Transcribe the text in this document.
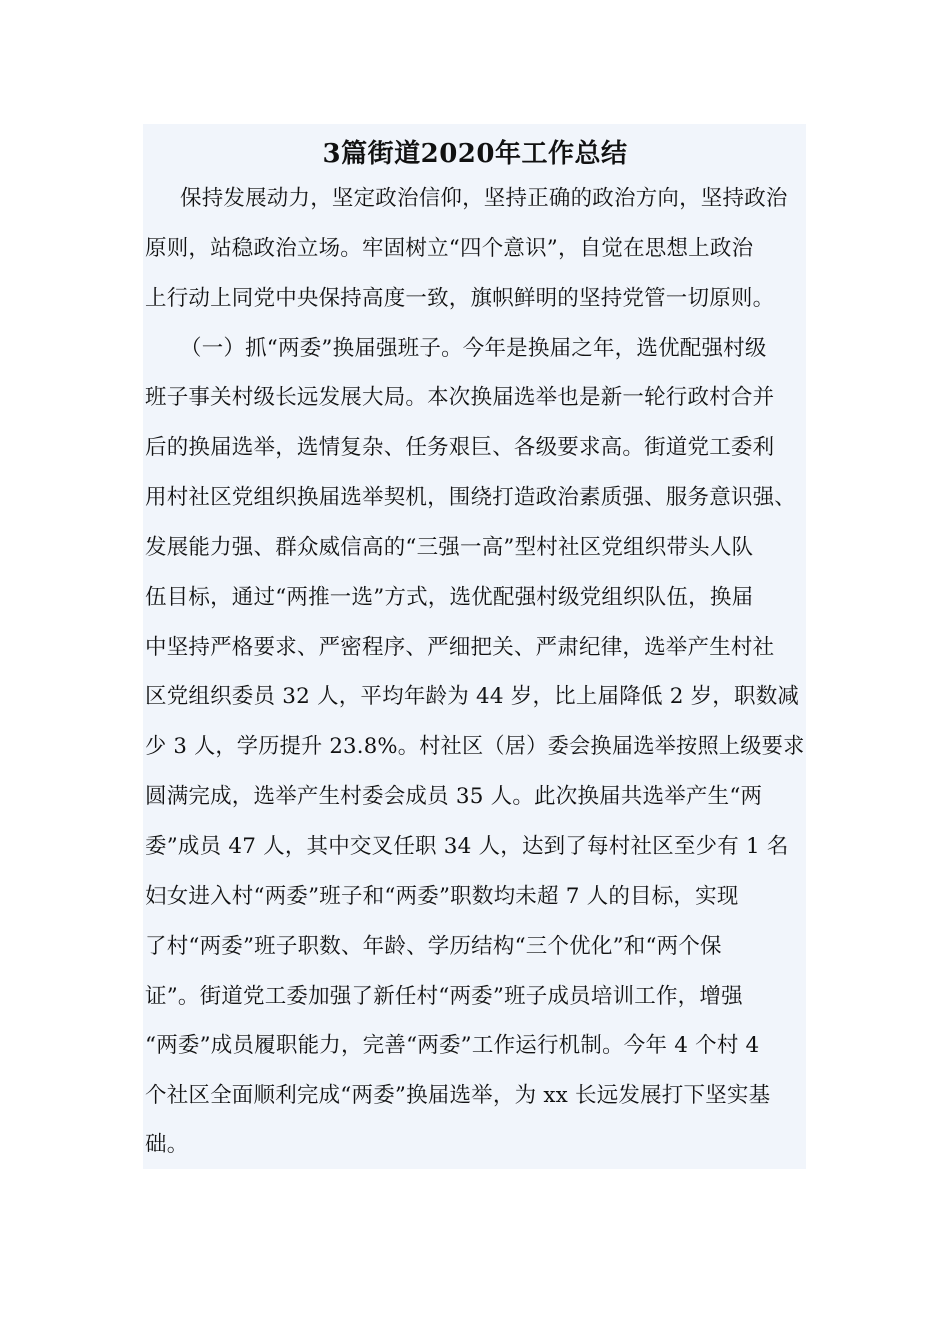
3篇街道2020年工作总结
保持发展动力，坚定政治信仰，坚持正确的政治方向，坚持政治
原则，站稳政治立场。牢固树立“四个意识”，自觉在思想上政治
上行动上同党中央保持高度一致，旗帜鲜明的坚持党管一切原则。
（一）抓“两委”换届强班子。今年是换届之年，选优配强村级
班子事关村级长远发展大局。本次换届选举也是新一轮行政村合并
后的换届选举，选情复杂、任务艰巨、各级要求高。街道党工委利
用村社区党组织换届选举契机，围绕打造政治素质强、服务意识强、
发展能力强、群众威信高的“三强一高”型村社区党组织带头人队
伍目标，通过“两推一选”方式，选优配强村级党组织队伍，换届
中坚持严格要求、严密程序、严细把关、严肃纪律，选举产生村社
区党组织委员 32 人，平均年龄为 44 岁，比上届降低 2 岁，职数减
少 3 人，学历提升 23.8%。村社区（居）委会换届选举按照上级要求
圆满完成，选举产生村委会成员 35 人。此次换届共选举产生“两
委”成员 47 人，其中交叉任职 34 人，达到了每村社区至少有 1 名
妇女进入村“两委”班子和“两委”职数均未超 7 人的目标，实现
了村“两委”班子职数、年龄、学历结构“三个优化”和“两个保
证”。街道党工委加强了新任村“两委”班子成员培训工作，增强
“两委”成员履职能力，完善“两委”工作运行机制。今年 4 个村 4
个社区全面顺利完成“两委”换届选举，为 xx 长远发展打下坚实基
础。
